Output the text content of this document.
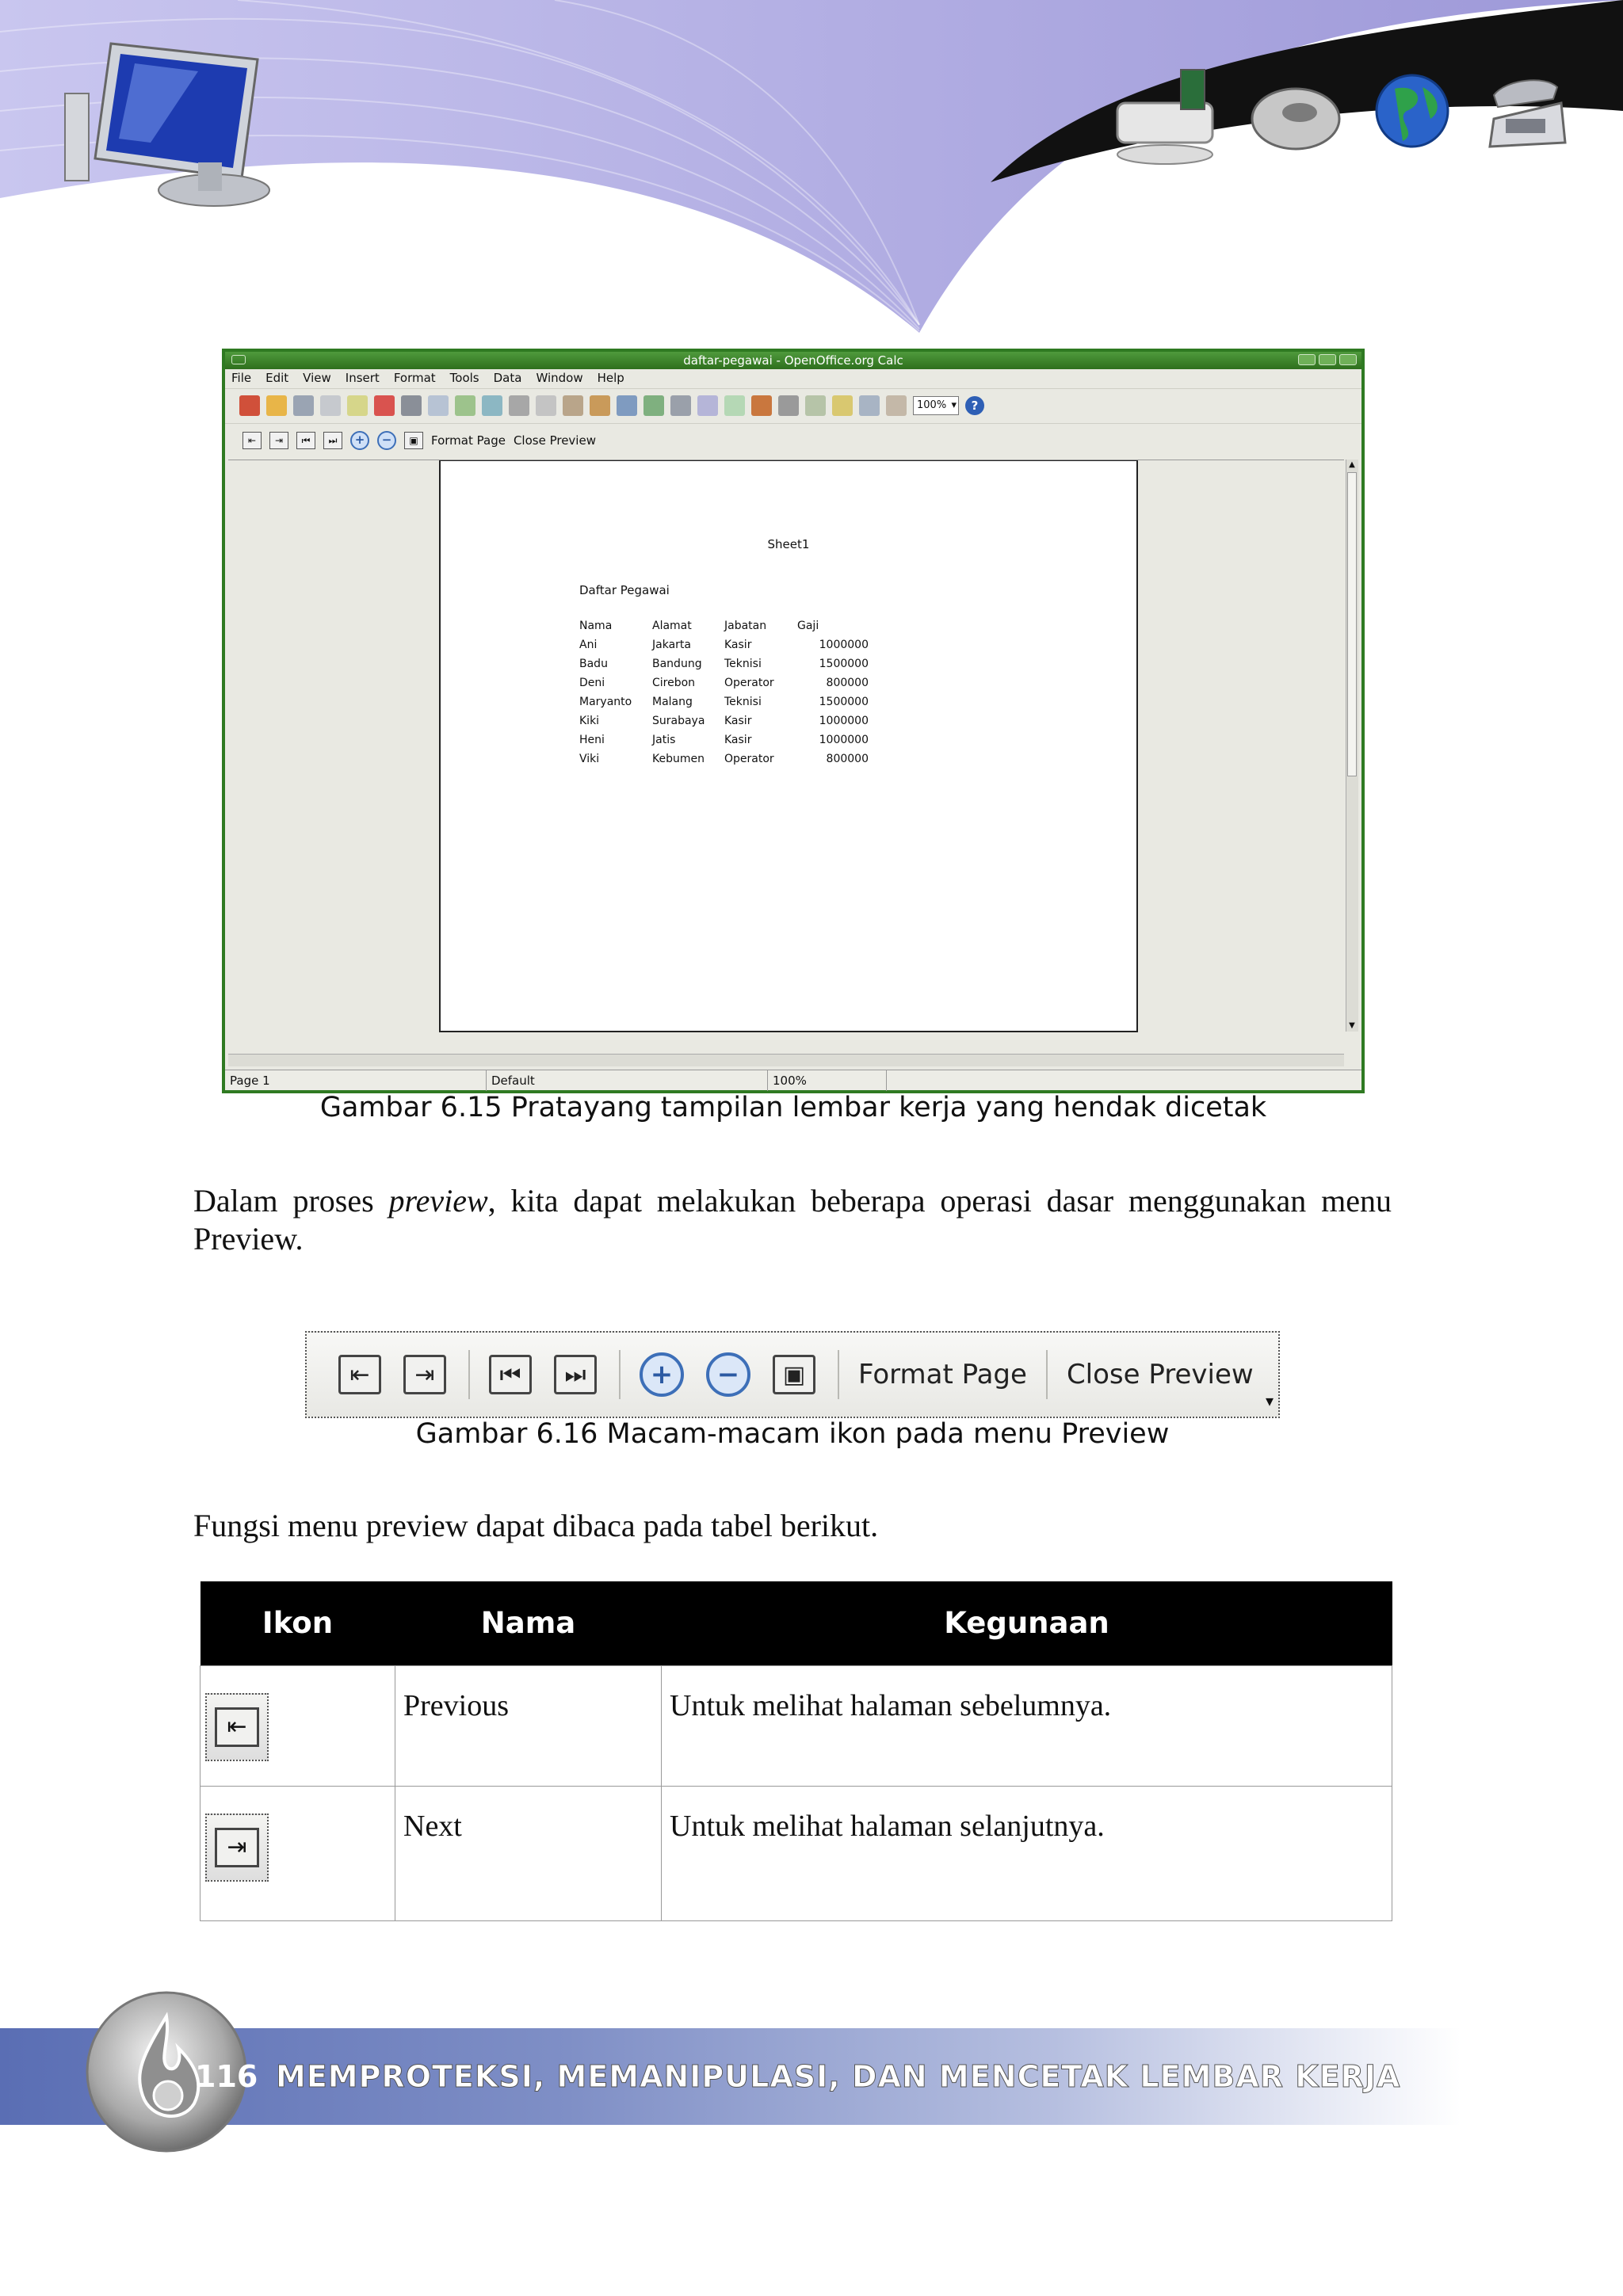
daftar-pegawai - OpenOffice.org Calc
File Edit View Insert Format Tools Data Window Help
100% ▾	?
⇤	⇥	⏮	⏭	+	−	▣	Format Page Close Preview
Sheet1
Daftar Pegawai
Nama	Alamat	Jabatan	Gaji
Ani	Jakarta	Kasir	1000000
Badu	Bandung	Teknisi	1500000
Deni	Cirebon	Operator	800000
Maryanto	Malang	Teknisi	1500000
Kiki	Surabaya	Kasir	1000000
Heni	Jatis	Kasir	1000000
Viki	Kebumen	Operator	800000
▲
▼
Page 1	Default	100%
Gambar 6.15 Pratayang tampilan lembar kerja yang hendak dicetak

Dalam proses preview, kita dapat melakukan beberapa operasi dasar menggunakan menu Preview.

⇤	⇥	⏮	⏭	+	−	▣	Format Page Close Preview
▾
Gambar 6.16 Macam-macam ikon pada menu Preview

Fungsi menu preview dapat dibaca pada tabel berikut.

Ikon	Nama	Kegunaan

⇤	Previous	Untuk melihat halaman sebelumnya.

⇥	Next	Untuk melihat halaman selanjutnya.
116 MEMPROTEKSI, MEMANIPULASI, DAN MENCETAK LEMBAR KERJA
